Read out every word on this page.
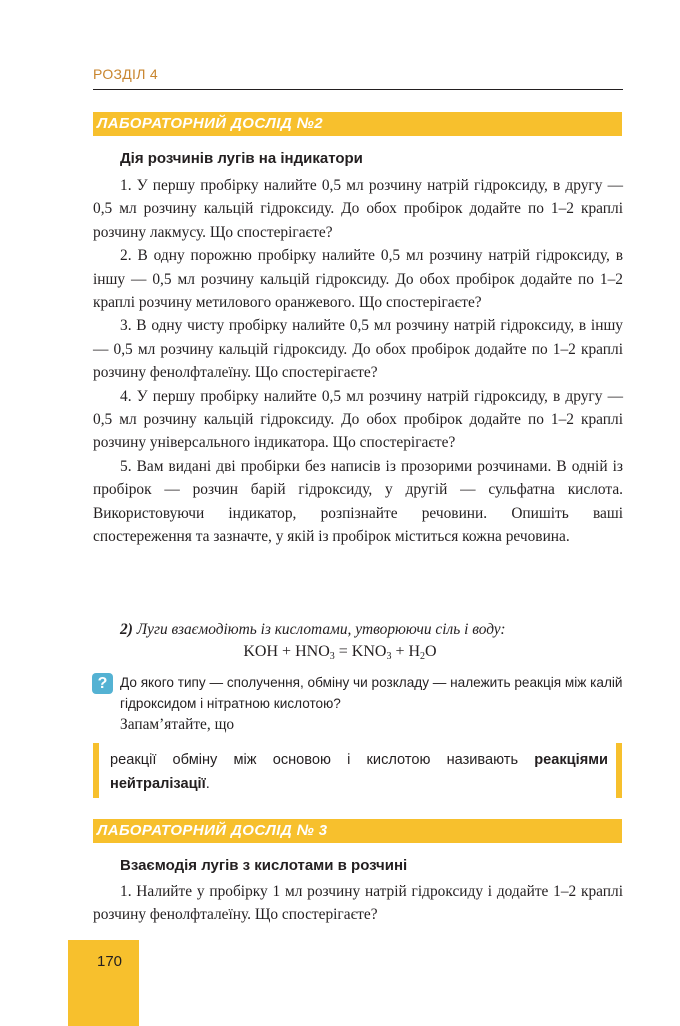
РОЗДІЛ 4
ЛАБОРАТОРНИЙ ДОСЛІД №2
Дія розчинів лугів на індикатори

1. У першу пробірку налийте 0,5 мл розчину натрій гідроксиду, в другу — 0,5 мл розчину кальцій гідроксиду. До обох пробірок додайте по 1–2 краплі розчину лакмусу. Що спостерігаєте?

2. В одну порожню пробірку налийте 0,5 мл розчину натрій гідроксиду, в іншу — 0,5 мл розчину кальцій гідроксиду. До обох пробірок додайте по 1–2 краплі розчину метилового оранжевого. Що спостерігаєте?

3. В одну чисту пробірку налийте 0,5 мл розчину натрій гідроксиду, в іншу — 0,5 мл розчину кальцій гідроксиду. До обох пробірок додайте по 1–2 краплі розчину фенолфталеїну. Що спостерігаєте?

4. У першу пробірку налийте 0,5 мл розчину натрій гідроксиду, в другу — 0,5 мл розчину кальцій гідроксиду. До обох пробірок додайте по 1–2 краплі розчину універсального індикатора. Що спостерігаєте?

5. Вам видані дві пробірки без написів із прозорими розчинами. В одній із пробірок — розчин барій гідроксиду, у другій — сульфатна кислота. Використовуючи індикатор, розпізнайте речовини. Опишіть ваші спостереження та зазначте, у якій із пробірок міститься кожна речовина.

2) Луги взаємодіють із кислотами, утворюючи сіль і воду:
KOH + $HNO_3 = KNO_3 + H_2O$
? До якого типу — сполучення, обміну чи розкладу — належить реакція між калій гідроксидом і нітратною кислотою?
Запам’ятайте, що
реакції обміну між основою і кислотою називають реакціями нейтралізації.
ЛАБОРАТОРНИЙ ДОСЛІД № 3
Взаємодія лугів з кислотами в розчині

1. Налийте у пробірку 1 мл розчину натрій гідроксиду і додайте 1–2 краплі розчину фенолфталеїну. Що спостерігаєте?

170
